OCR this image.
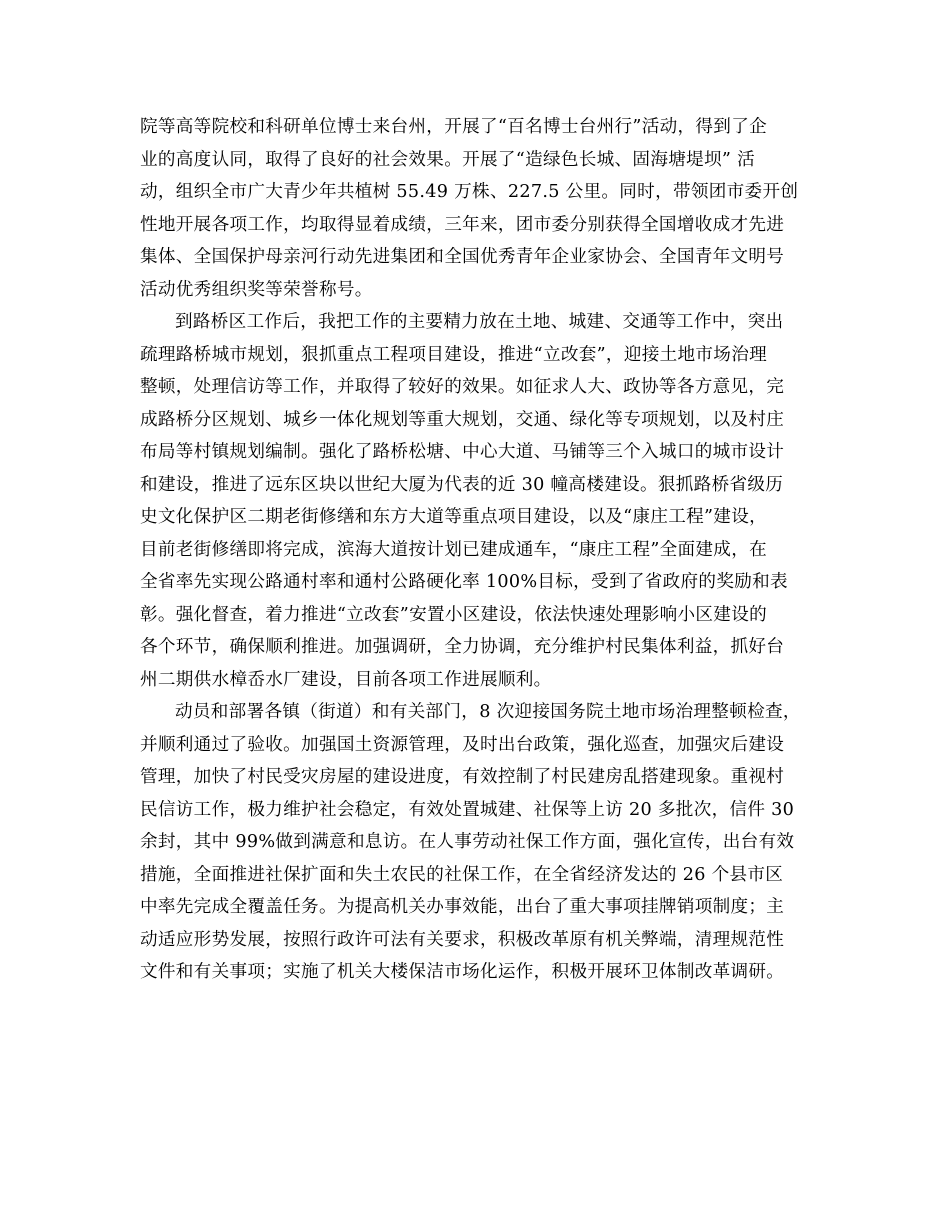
院等高等院校和科研单位博士来台州，开展了“百名博士台州行”活动，得到了企
业的高度认同，取得了良好的社会效果。开展了“造绿色长城、固海塘堤坝” 活
动，组织全市广大青少年共植树 55.49 万株、227.5 公里。同时，带领团市委开创
性地开展各项工作，均取得显着成绩，三年来，团市委分别获得全国增收成才先进
集体、全国保护母亲河行动先进集团和全国优秀青年企业家协会、全国青年文明号
活动优秀组织奖等荣誉称号。
到路桥区工作后，我把工作的主要精力放在土地、城建、交通等工作中，突出
疏理路桥城市规划，狠抓重点工程项目建设，推进“立改套”，迎接土地市场治理
整顿，处理信访等工作，并取得了较好的效果。如征求人大、政协等各方意见，完
成路桥分区规划、城乡一体化规划等重大规划，交通、绿化等专项规划，以及村庄
布局等村镇规划编制。强化了路桥松塘、中心大道、马铺等三个入城口的城市设计
和建设，推进了远东区块以世纪大厦为代表的近 30 幢高楼建设。狠抓路桥省级历
史文化保护区二期老街修缮和东方大道等重点项目建设，以及“康庄工程”建设，
目前老街修缮即将完成，滨海大道按计划已建成通车，“康庄工程”全面建成，在
全省率先实现公路通村率和通村公路硬化率 100%目标，受到了省政府的奖励和表
彰。强化督查，着力推进“立改套”安置小区建设，依法快速处理影响小区建设的
各个环节，确保顺利推进。加强调研，全力协调，充分维护村民集体利益，抓好台
州二期供水樟岙水厂建设，目前各项工作进展顺利。
动员和部署各镇（街道）和有关部门，8 次迎接国务院土地市场治理整顿检查，
并顺利通过了验收。加强国土资源管理，及时出台政策，强化巡查，加强灾后建设
管理，加快了村民受灾房屋的建设进度，有效控制了村民建房乱搭建现象。重视村
民信访工作，极力维护社会稳定，有效处置城建、社保等上访 20 多批次，信件 30
余封，其中 99%做到满意和息访。在人事劳动社保工作方面，强化宣传，出台有效
措施，全面推进社保扩面和失土农民的社保工作，在全省经济发达的 26 个县市区
中率先完成全覆盖任务。为提高机关办事效能，出台了重大事项挂牌销项制度；主
动适应形势发展，按照行政许可法有关要求，积极改革原有机关弊端，清理规范性
文件和有关事项；实施了机关大楼保洁市场化运作，积极开展环卫体制改革调研。
